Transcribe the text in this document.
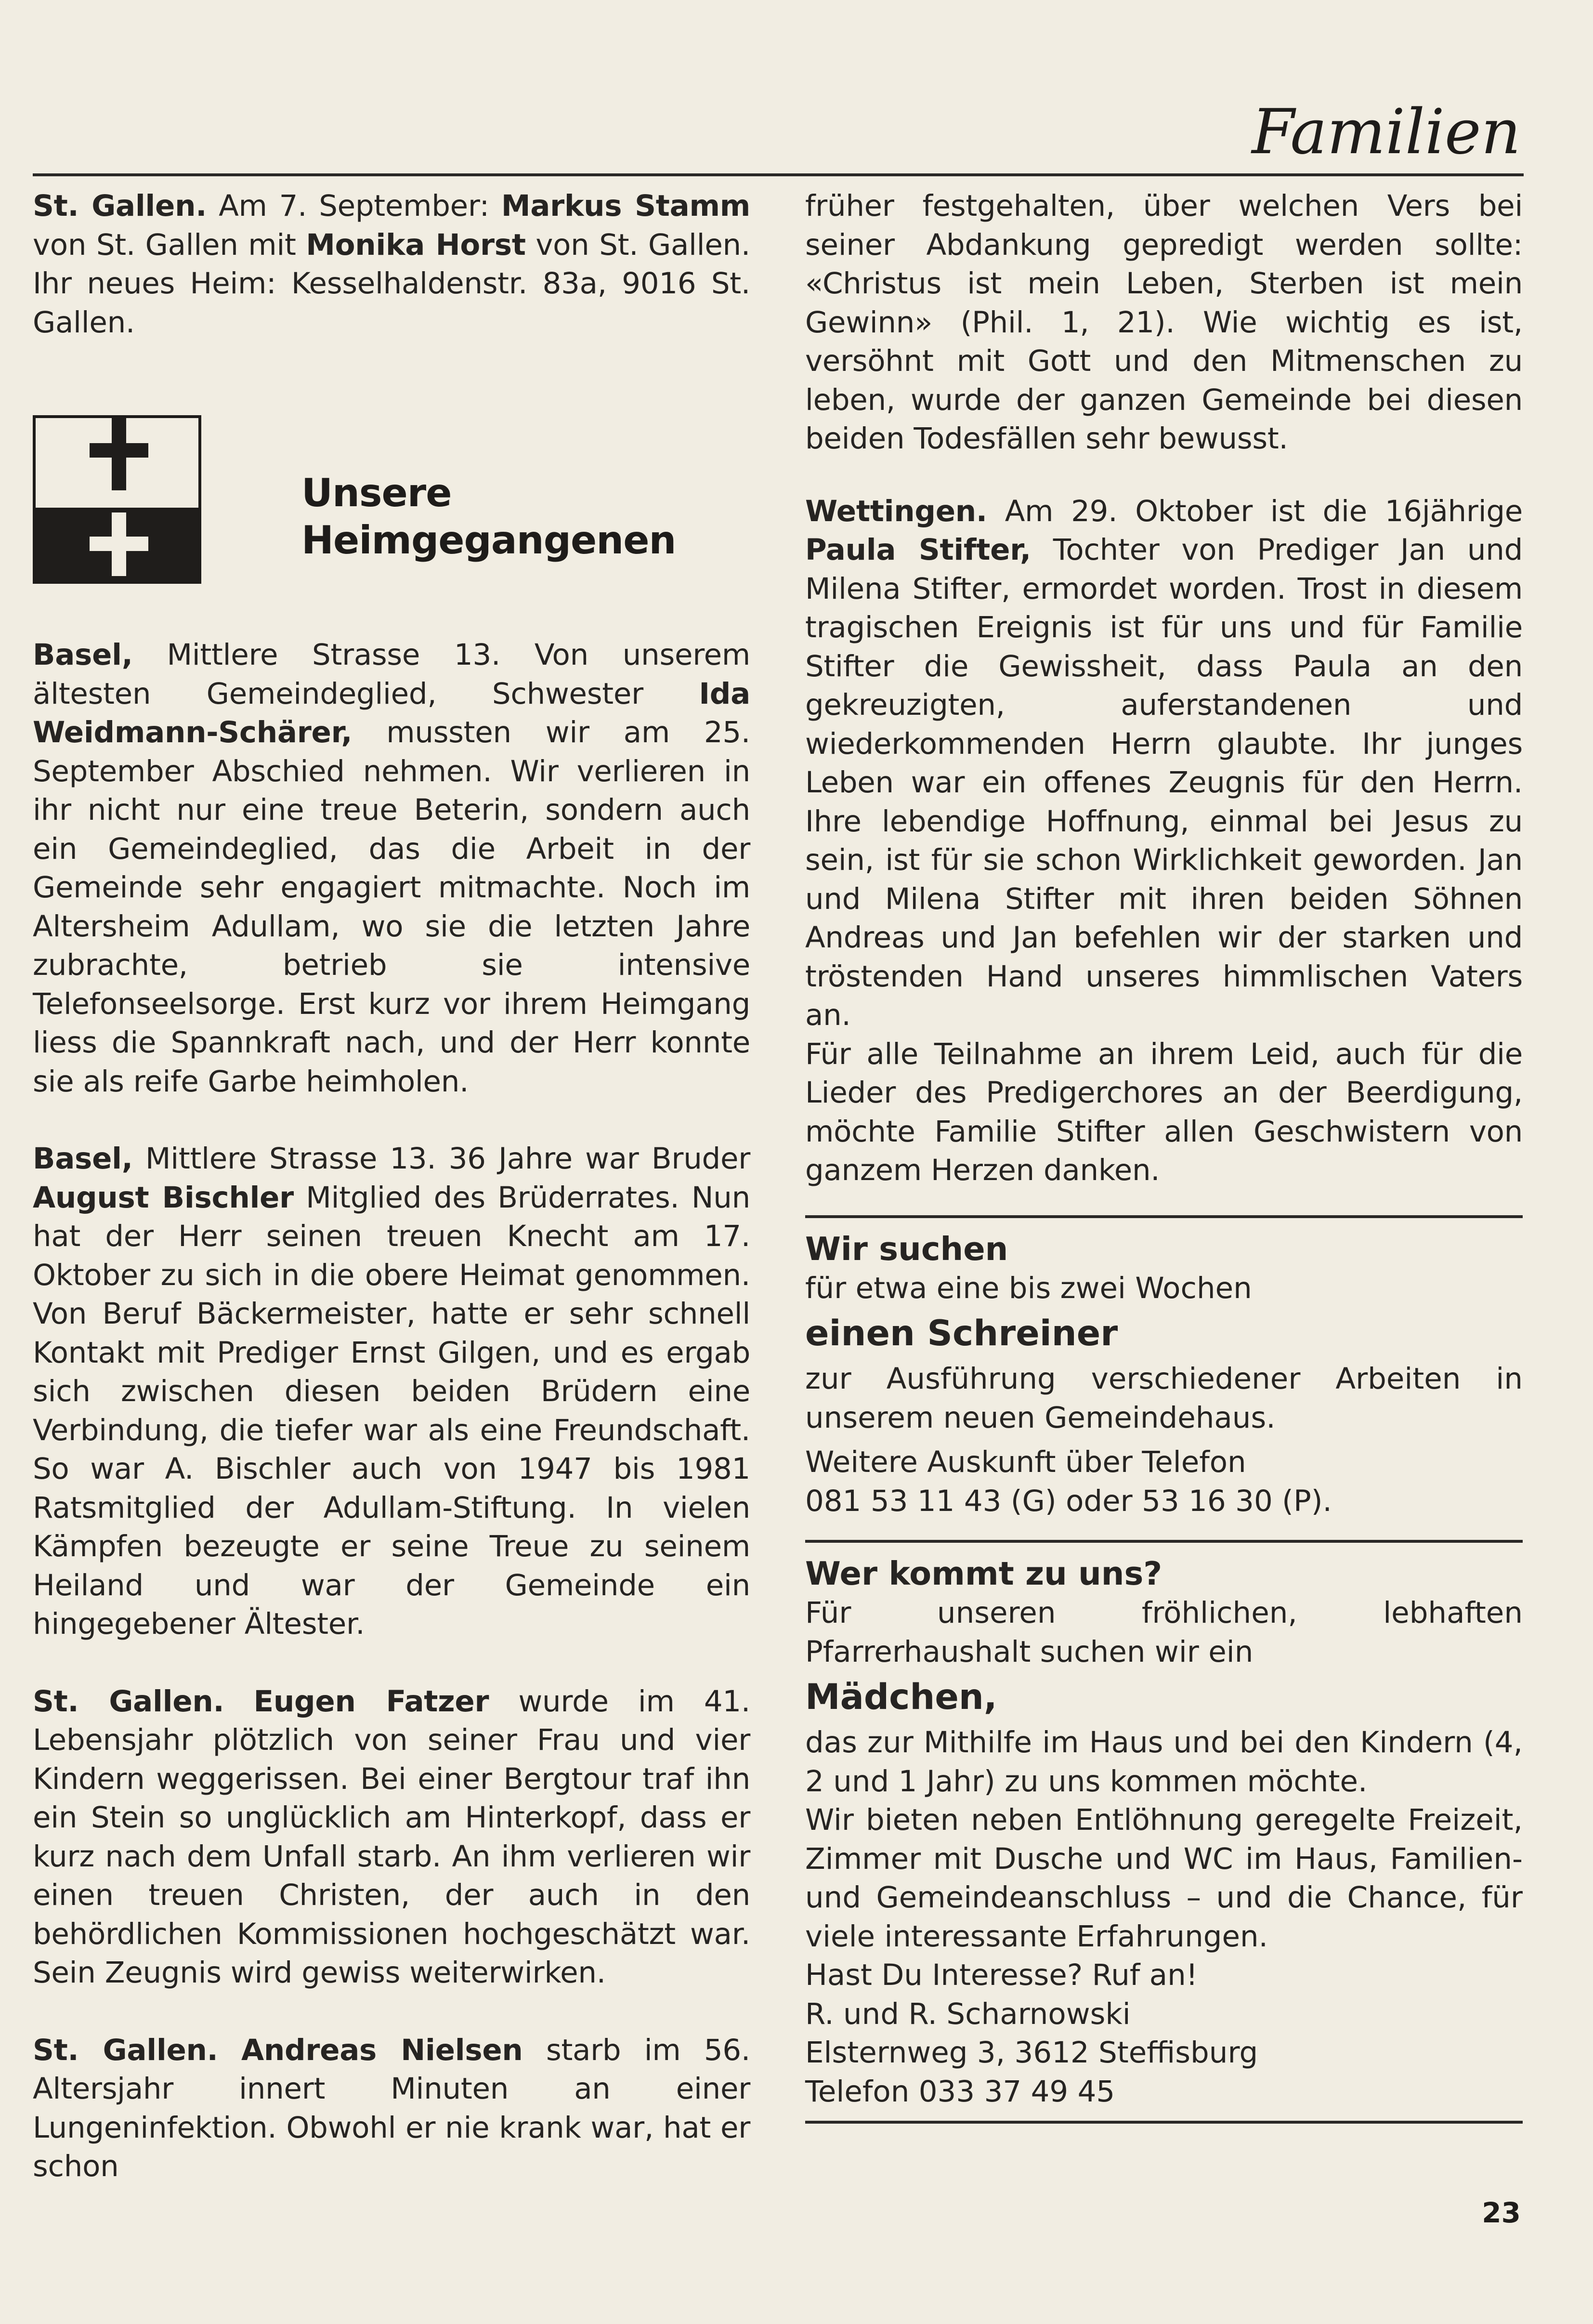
Familien

St. Gallen. Am 7. September: Markus Stamm von St. Gallen mit Monika Horst von St. Gallen. Ihr neues Heim: Kesselhaldenstr. 83a, 9016 St. Gallen.

Unsere
Heimgegangenen

Basel, Mittlere Strasse 13. Von unserem ältesten Gemeindeglied, Schwester Ida Weidmann-Schärer, mussten wir am 25. September Abschied nehmen. Wir verlieren in ihr nicht nur eine treue Beterin, sondern auch ein Gemeindeglied, das die Arbeit in der Gemeinde sehr engagiert mitmachte. Noch im Altersheim Adullam, wo sie die letzten Jahre zubrachte, betrieb sie intensive Telefonseelsorge. Erst kurz vor ihrem Heimgang liess die Spannkraft nach, und der Herr konnte sie als reife Garbe heimholen.

Basel, Mittlere Strasse 13. 36 Jahre war Bruder August Bischler Mitglied des Brüderrates. Nun hat der Herr seinen treuen Knecht am 17. Oktober zu sich in die obere Heimat genommen. Von Beruf Bäckermeister, hatte er sehr schnell Kontakt mit Prediger Ernst Gilgen, und es ergab sich zwischen diesen beiden Brüdern eine Verbindung, die tiefer war als eine Freundschaft. So war A. Bischler auch von 1947 bis 1981 Ratsmitglied der Adullam-Stiftung. In vielen Kämpfen bezeugte er seine Treue zu seinem Heiland und war der Gemeinde ein hingegebener Ältester.

St. Gallen. Eugen Fatzer wurde im 41. Lebensjahr plötzlich von seiner Frau und vier Kindern weggerissen. Bei einer Bergtour traf ihn ein Stein so unglücklich am Hinterkopf, dass er kurz nach dem Unfall starb. An ihm verlieren wir einen treuen Christen, der auch in den behördlichen Kommissionen hochgeschätzt war. Sein Zeugnis wird gewiss weiterwirken.

St. Gallen. Andreas Nielsen starb im 56. Altersjahr innert Minuten an einer Lungeninfektion. Obwohl er nie krank war, hat er schon

früher festgehalten, über welchen Vers bei seiner Abdankung gepredigt werden sollte: «Christus ist mein Leben, Sterben ist mein Gewinn» (Phil. 1, 21). Wie wichtig es ist, versöhnt mit Gott und den Mitmenschen zu leben, wurde der ganzen Gemeinde bei diesen beiden Todesfällen sehr bewusst.

Wettingen. Am 29. Oktober ist die 16jährige Paula Stifter, Tochter von Prediger Jan und Milena Stifter, ermordet worden. Trost in diesem tragischen Ereignis ist für uns und für Familie Stifter die Gewissheit, dass Paula an den gekreuzigten, auferstandenen und wiederkommenden Herrn glaubte. Ihr junges Leben war ein offenes Zeugnis für den Herrn. Ihre lebendige Hoffnung, einmal bei Jesus zu sein, ist für sie schon Wirklichkeit geworden. Jan und Milena Stifter mit ihren beiden Söhnen Andreas und Jan befehlen wir der starken und tröstenden Hand unseres himmlischen Vaters an.

Für alle Teilnahme an ihrem Leid, auch für die Lieder des Predigerchores an der Beerdigung, möchte Familie Stifter allen Geschwistern von ganzem Herzen danken.

Wir suchen

für etwa eine bis zwei Wochen

einen Schreiner

zur Ausführung verschiedener Arbeiten in unserem neuen Gemeindehaus.

Weitere Auskunft über Telefon

081 53 11 43 (G) oder 53 16 30 (P).

Wer kommt zu uns?

Für unseren fröhlichen, lebhaften Pfarrerhaushalt suchen wir ein

Mädchen,

das zur Mithilfe im Haus und bei den Kindern (4, 2 und 1 Jahr) zu uns kommen möchte.

Wir bieten neben Entlöhnung geregelte Freizeit, Zimmer mit Dusche und WC im Haus, Familien- und Gemeindeanschluss – und die Chance, für viele interessante Erfahrungen.

Hast Du Interesse? Ruf an!

R. und R. Scharnowski

Elsternweg 3, 3612 Steffisburg

Telefon 033 37 49 45

23
